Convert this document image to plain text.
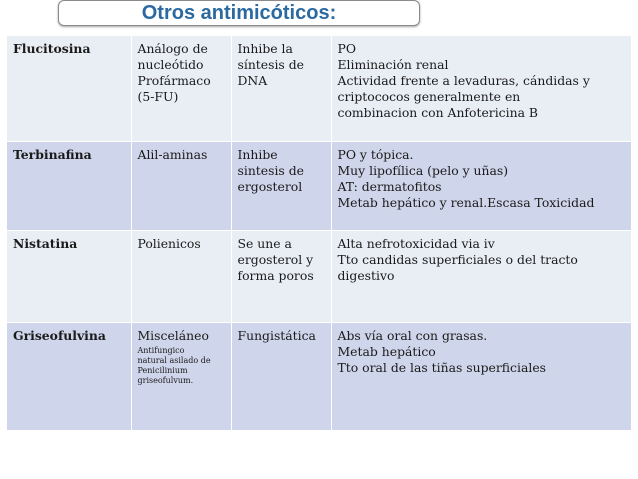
Otros antimicóticos:
Flucitosina	Análogo de
nucleótido
Profármaco
(5-FU)	Inhibe la
síntesis de
DNA	PO
Eliminación renal
Actividad frente a levaduras, cándidas y
criptococos generalmente en
combinacion con Anfotericina B

Terbinafina	Alil-aminas	Inhibe
sintesis de
ergosterol	PO y tópica.
Muy lipofílica (pelo y uñas)
AT: dermatofitos
Metab hepático y renal.Escasa Toxicidad

Nistatina	Polienicos	Se une a
ergosterol y
forma poros	Alta nefrotoxicidad via iv
Tto candidas superficiales o del tracto
digestivo

Griseofulvina	Misceláneo
Antifungico
natural asilado de
Penicilinium
griseofulvum.	Fungistática	Abs vía oral con grasas.
Metab hepático
Tto oral de las tiñas superficiales
